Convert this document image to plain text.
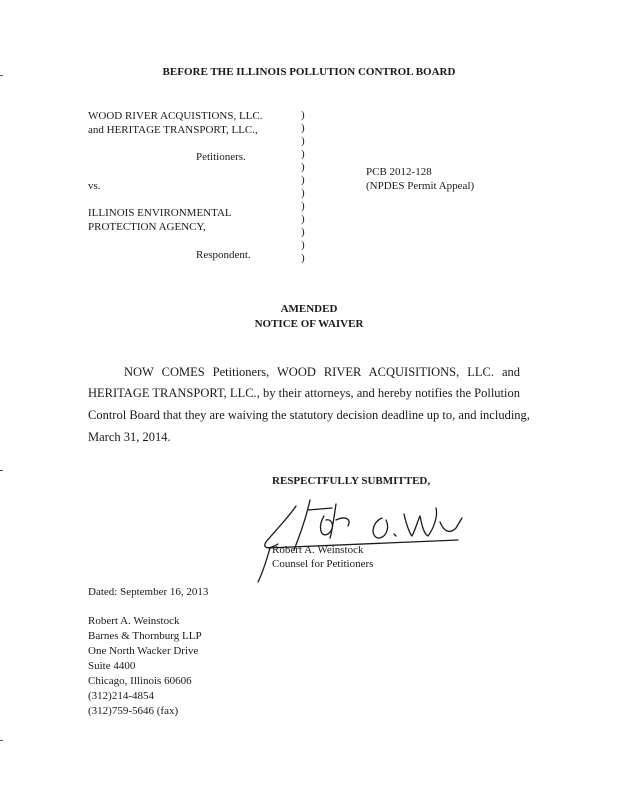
BEFORE THE ILLINOIS POLLUTION CONTROL BOARD
WOOD RIVER ACQUISTIONS, LLC.
and HERITAGE TRANSPORT, LLC.,
Petitioners.
vs.
ILLINOIS ENVIRONMENTAL
PROTECTION AGENCY,
Respondent.
)
)
)
)
)
)
)
)
)
)
)
)
PCB 2012-128
(NPDES Permit Appeal)
AMENDED
NOTICE OF WAIVER
NOW COMES Petitioners, WOOD RIVER ACQUISITIONS, LLC. and
HERITAGE TRANSPORT, LLC., by their attorneys, and hereby notifies the Pollution
Control Board that they are waiving the statutory decision deadline up to, and including,
March 31, 2014.
RESPECTFULLY SUBMITTED,
Robert A. Weinstock
Counsel for Petitioners
Dated: September 16, 2013
Robert A. Weinstock
Barnes & Thornburg LLP
One North Wacker Drive
Suite 4400
Chicago, Illinois 60606
(312)214-4854
(312)759-5646 (fax)
